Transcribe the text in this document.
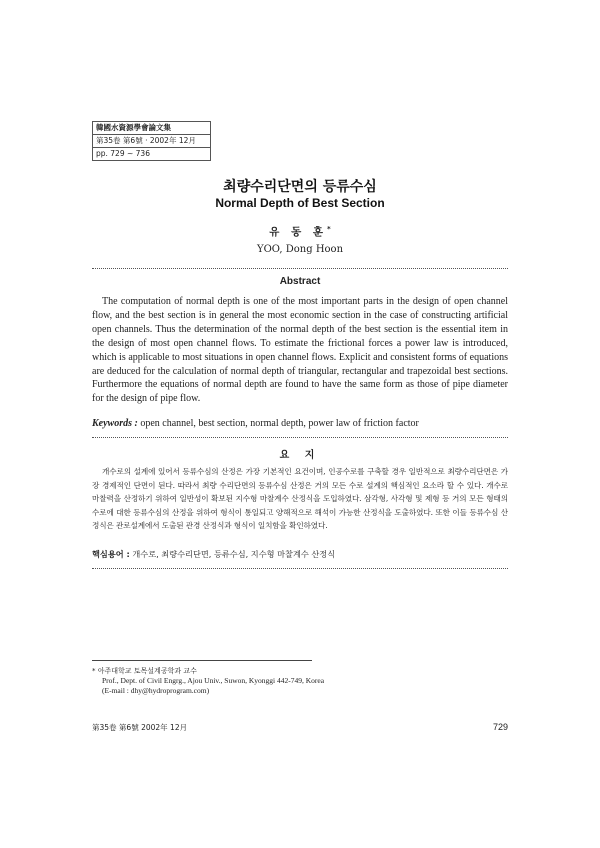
韓國水資源學會論文集
第35卷 第6號 · 2002年 12月
pp. 729 ~ 736
최량수리단면의 등류수심
Normal Depth of Best Section
유 동 훈*
YOO, Dong Hoon
Abstract
The computation of normal depth is one of the most important parts in the design of open channel flow, and the best section is in general the most economic section in the case of constructing artificial open channels. Thus the determination of the normal depth of the best section is the essential item in the design of most open channel flows. To estimate the frictional forces a power law is introduced, which is applicable to most situations in open channel flows. Explicit and consistent forms of equations are deduced for the calculation of normal depth of triangular, rectangular and trapezoidal best sections. Furthermore the equations of normal depth are found to have the same form as those of pipe diameter for the design of pipe flow.
Keywords : open channel, best section, normal depth, power law of friction factor
요 지
개수로의 설계에 있어서 등류수심의 산정은 가장 기본적인 요건이며, 인공수로를 구축할 경우 일반적으로 최량수리단면은 가장 경제적인 단면이 된다. 따라서 최량 수리단면의 등류수심 산정은 거의 모든 수로 설계의 핵심적인 요소라 할 수 있다. 개수로 마찰력을 산정하기 위하여 일반성이 확보된 지수형 마찰계수 산정식을 도입하였다. 삼각형, 사각형 및 제형 등 거의 모든 형태의 수로에 대한 등류수심의 산정을 위하여 형식이 통일되고 양해적으로 해석이 가능한 산정식을 도출하였다. 또한 이들 등류수심 산정식은 관로설계에서 도출된 관경 산정식과 형식이 일치함을 확인하였다.
핵심용어 : 개수로, 최량수리단면, 등류수심, 지수형 마찰계수 산정식
* 아주대학교 토목설계공학과 교수
Prof., Dept. of Civil Engrg., Ajou Univ., Suwon, Kyonggi 442-749, Korea
(E-mail : dhy@hydroprogram.com)
第35卷 第6號 2002年 12月	729
